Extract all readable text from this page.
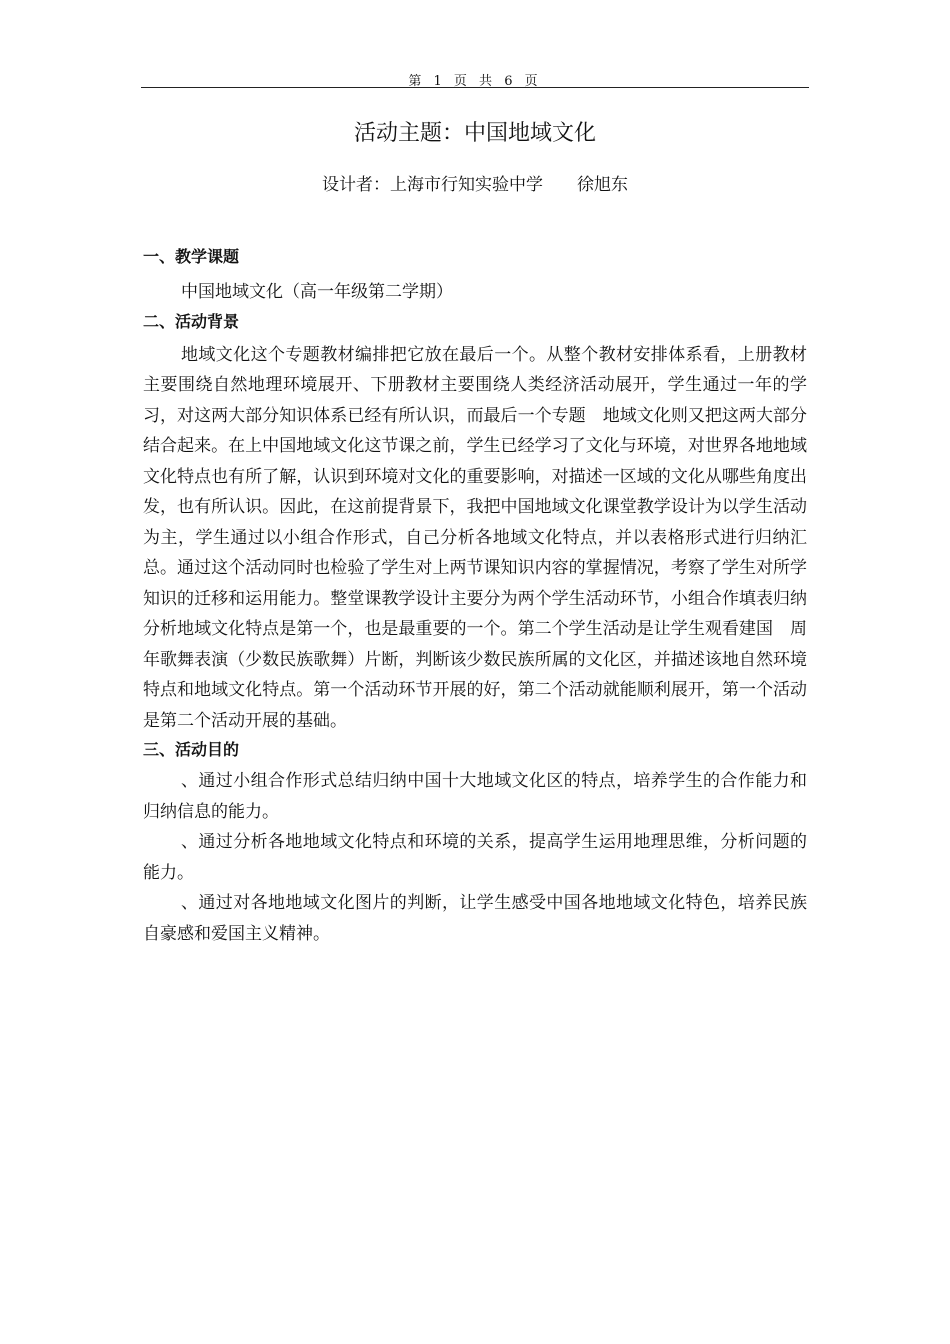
第 1 页 共 6 页
活动主题：中国地域文化
设计者：上海市行知实验中学　　徐旭东
一、教学课题

中国地域文化（高一年级第二学期）

二、活动背景

地域文化这个专题教材编排把它放在最后一个。从整个教材安排体系看，上册教材主要围绕自然地理环境展开、下册教材主要围绕人类经济活动展开，学生通过一年的学习，对这两大部分知识体系已经有所认识，而最后一个专题　地域文化则又把这两大部分结合起来。在上中国地域文化这节课之前，学生已经学习了文化与环境，对世界各地地域文化特点也有所了解，认识到环境对文化的重要影响，对描述一区域的文化从哪些角度出发，也有所认识。因此，在这前提背景下，我把中国地域文化课堂教学设计为以学生活动为主，学生通过以小组合作形式，自己分析各地域文化特点，并以表格形式进行归纳汇总。通过这个活动同时也检验了学生对上两节课知识内容的掌握情况，考察了学生对所学知识的迁移和运用能力。整堂课教学设计主要分为两个学生活动环节，小组合作填表归纳分析地域文化特点是第一个，也是最重要的一个。第二个学生活动是让学生观看建国　周年歌舞表演（少数民族歌舞）片断，判断该少数民族所属的文化区，并描述该地自然环境特点和地域文化特点。第一个活动环节开展的好，第二个活动就能顺利展开，第一个活动是第二个活动开展的基础。

三、活动目的

、通过小组合作形式总结归纳中国十大地域文化区的特点，培养学生的合作能力和归纳信息的能力。

、通过分析各地地域文化特点和环境的关系，提高学生运用地理思维，分析问题的能力。

、通过对各地地域文化图片的判断，让学生感受中国各地地域文化特色，培养民族自豪感和爱国主义精神。
